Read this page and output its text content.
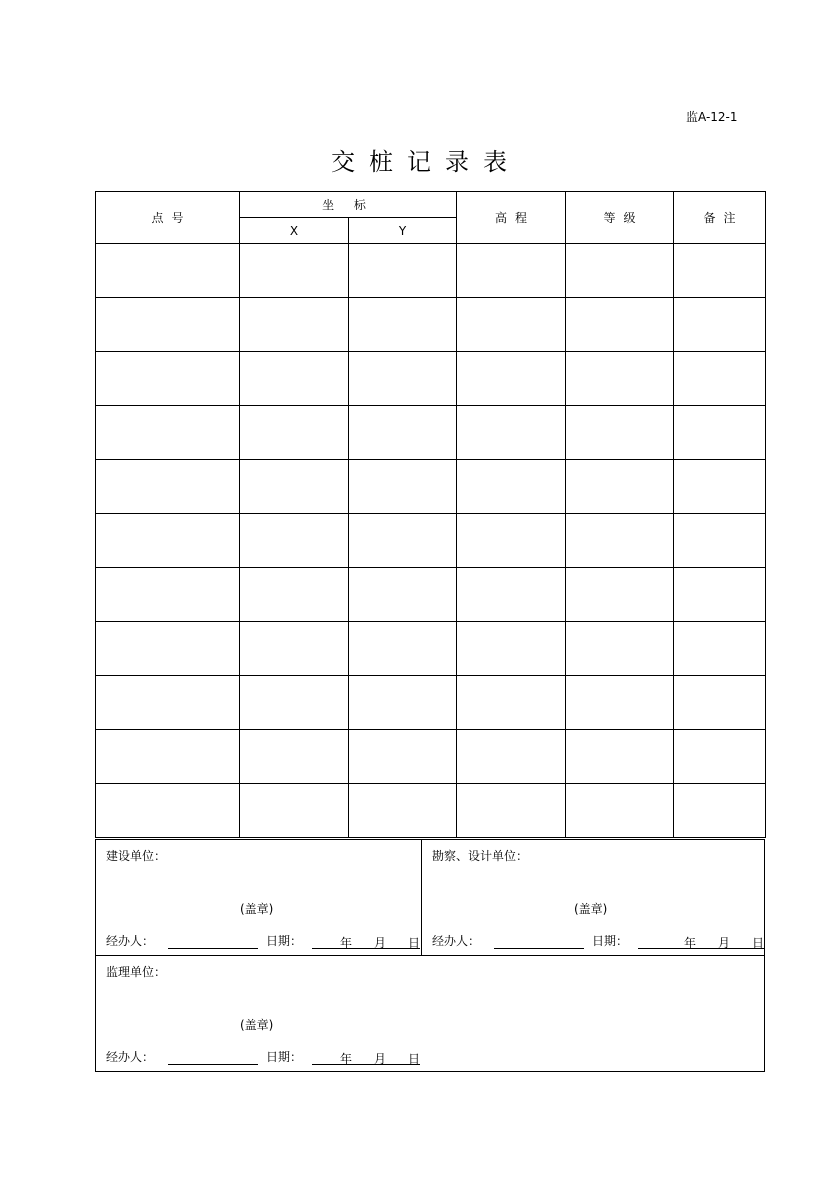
监A-12-1
交桩记录表
点号	坐 标		高程	等级	备注
	X	Y			

建设单位：
(盖章)
经办人：	日期：	年 月 日
勘察、设计单位：
(盖章)
经办人：	日期：	年 月 日
监理单位：
(盖章)
经办人：	日期：	年 月 日
